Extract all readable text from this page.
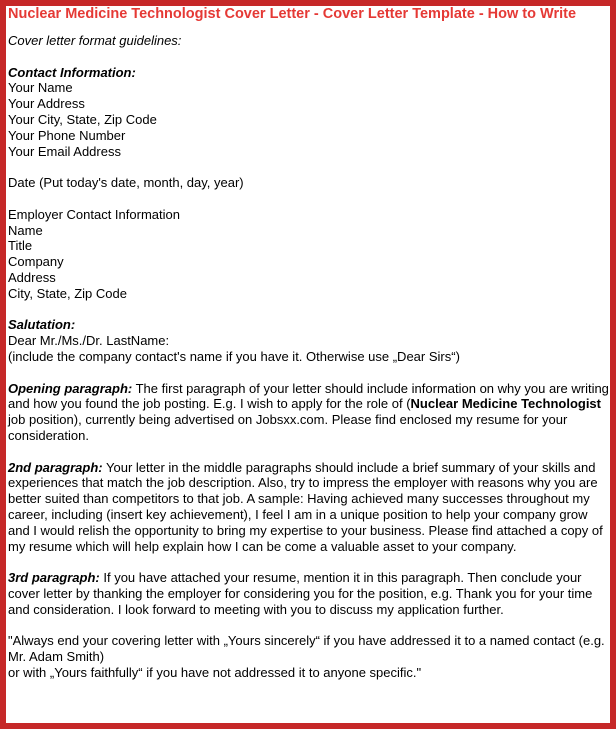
Nuclear Medicine Technologist Cover Letter - Cover Letter Template - How to Write

Cover letter format guidelines:

Contact Information:
Your Name
Your Address
Your City, State, Zip Code
Your Phone Number
Your Email Address
Date (Put today's date, month, day, year)
Employer Contact Information
Name
Title
Company
Address
City, State, Zip Code
Salutation:
Dear Mr./Ms./Dr. LastName:
(include the company contact's name if you have it. Otherwise use „Dear Sirs“)

Opening paragraph: The first paragraph of your letter should include information on why you are writing and how you found the job posting. E.g. I wish to apply for the role of (Nuclear Medicine Technologist job position), currently being advertised on Jobsxx.com. Please find enclosed my resume for your consideration.

2nd paragraph: Your letter in the middle paragraphs should include a brief summary of your skills and experiences that match the job description. Also, try to impress the employer with reasons why you are better suited than competitors to that job. A sample: Having achieved many successes throughout my career, including (insert key achievement), I feel I am in a unique position to help your company grow and I would relish the opportunity to bring my expertise to your business. Please find attached a copy of my resume which will help explain how I can be come a valuable asset to your company.

3rd paragraph: If you have attached your resume, mention it in this paragraph. Then conclude your cover letter by thanking the employer for considering you for the position, e.g. Thank you for your time and consideration. I look forward to meeting with you to discuss my application further.

"Always end your covering letter with „Yours sincerely“ if you have addressed it to a named contact (e.g. Mr. Adam Smith)

or with „Yours faithfully“ if you have not addressed it to anyone specific."
